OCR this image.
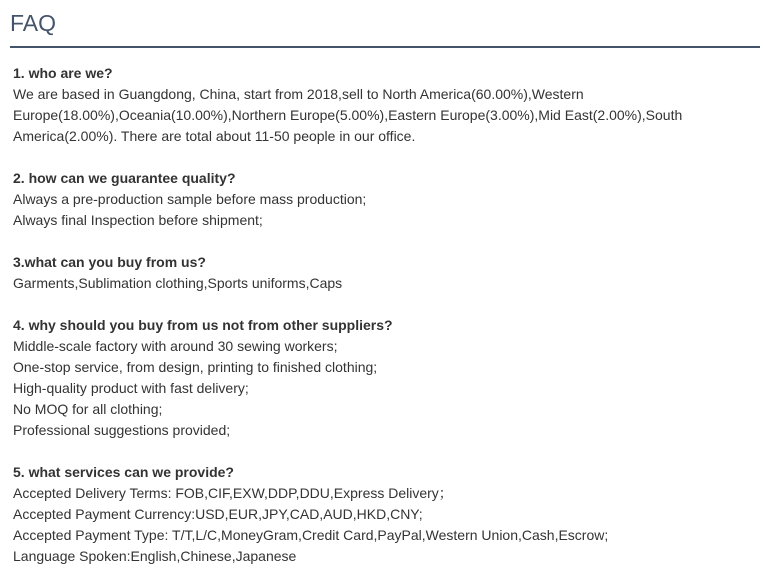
FAQ
1. who are we?
We are based in Guangdong, China, start from 2018,sell to North America(60.00%),Western Europe(18.00%),Oceania(10.00%),Northern Europe(5.00%),Eastern Europe(3.00%),Mid East(2.00%),South America(2.00%). There are total about 11-50 people in our office.
2. how can we guarantee quality?
Always a pre-production sample before mass production;
Always final Inspection before shipment;
3.what can you buy from us?
Garments,Sublimation clothing,Sports uniforms,Caps
4. why should you buy from us not from other suppliers?
Middle-scale factory with around 30 sewing workers;
One-stop service, from design, printing to finished clothing;
High-quality product with fast delivery;
No MOQ for all clothing;
Professional suggestions provided;
5. what services can we provide?
Accepted Delivery Terms: FOB,CIF,EXW,DDP,DDU,Express Delivery；
Accepted Payment Currency:USD,EUR,JPY,CAD,AUD,HKD,CNY;
Accepted Payment Type: T/T,L/C,MoneyGram,Credit Card,PayPal,Western Union,Cash,Escrow;
Language Spoken:English,Chinese,Japanese
